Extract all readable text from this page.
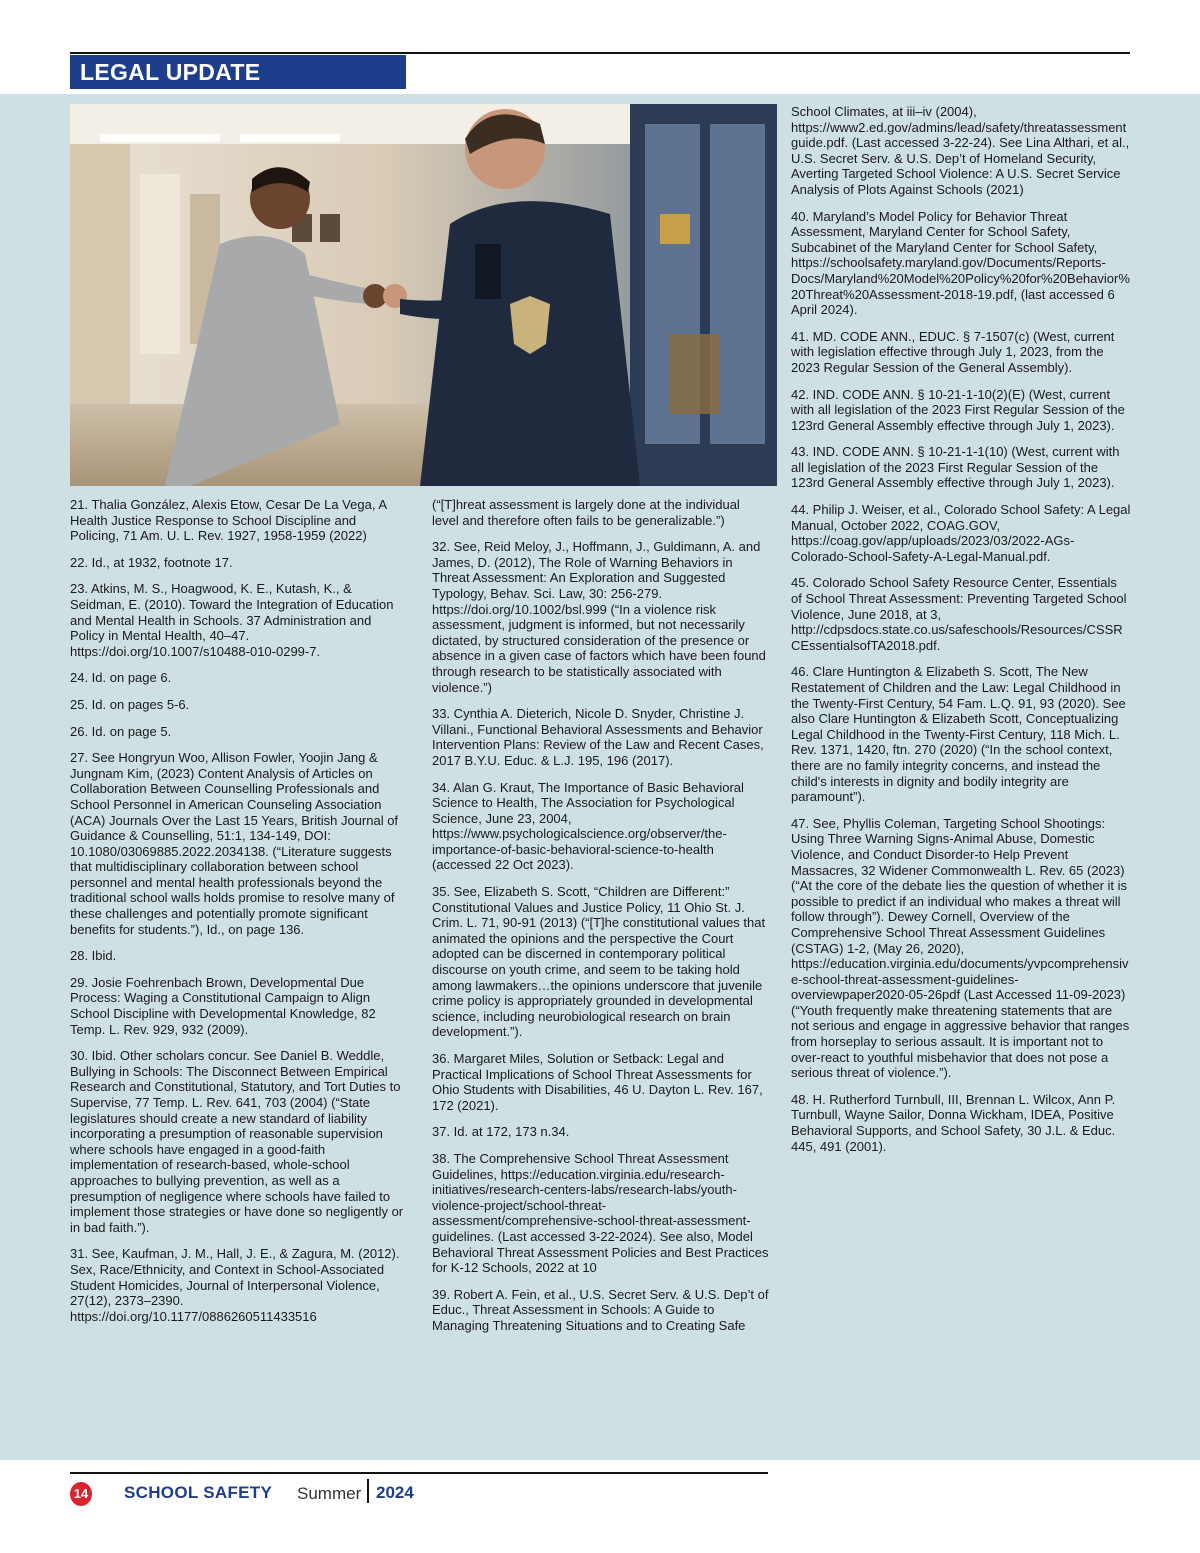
LEGAL UPDATE

21. Thalia González, Alexis Etow, Cesar De La Vega, A Health Justice Response to School Discipline and Policing, 71 Am. U. L. Rev. 1927, 1958-1959 (2022)

22. Id., at 1932, footnote 17.

23. Atkins, M. S., Hoagwood, K. E., Kutash, K., & Seidman, E. (2010). Toward the Integration of Education and Mental Health in Schools. 37 Administration and Policy in Mental Health, 40–47. https://doi.org/10.1007/s10488-010-0299-7.

24. Id. on page 6.

25. Id. on pages 5-6.

26. Id. on page 5.

27. See Hongryun Woo, Allison Fowler, Yoojin Jang & Jungnam Kim, (2023) Content Analysis of Articles on Collaboration Between Counselling Professionals and School Personnel in American Counseling Association (ACA) Journals Over the Last 15 Years, British Journal of Guidance & Counselling, 51:1, 134-149, DOI: 10.1080/03069885.2022.2034138. (“Literature suggests that multidisciplinary collaboration between school personnel and mental health professionals beyond the traditional school walls holds promise to resolve many of these challenges and potentially promote significant benefits for students.”), Id., on page 136.

28. Ibid.

29. Josie Foehrenbach Brown, Developmental Due Process: Waging a Constitutional Campaign to Align School Discipline with Developmental Knowledge, 82 Temp. L. Rev. 929, 932 (2009).

30. Ibid. Other scholars concur. See Daniel B. Weddle, Bullying in Schools: The Disconnect Between Empirical Research and Constitutional, Statutory, and Tort Duties to Supervise, 77 Temp. L. Rev. 641, 703 (2004) (“State legislatures should create a new standard of liability incorporating a presumption of reasonable supervision where schools have engaged in a good-faith implementation of research-based, whole-school approaches to bullying prevention, as well as a presumption of negligence where schools have failed to implement those strategies or have done so negligently or in bad faith.”).

31. See, Kaufman, J. M., Hall, J. E., & Zagura, M. (2012). Sex, Race/Ethnicity, and Context in School-Associated Student Homicides, Journal of Interpersonal Violence, 27(12), 2373–2390. https://doi.org/10.1177/0886260511433516

(“[T]hreat assessment is largely done at the individual level and therefore often fails to be generalizable.”)

32. See, Reid Meloy, J., Hoffmann, J., Guldimann, A. and James, D. (2012), The Role of Warning Behaviors in Threat Assessment: An Exploration and Suggested Typology, Behav. Sci. Law, 30: 256-279. https://doi.org/10.1002/bsl.999 (“In a violence risk assessment, judgment is informed, but not necessarily dictated, by structured consideration of the presence or absence in a given case of factors which have been found through research to be statistically associated with violence.”)

33. Cynthia A. Dieterich, Nicole D. Snyder, Christine J. Villani., Functional Behavioral Assessments and Behavior Intervention Plans: Review of the Law and Recent Cases, 2017 B.Y.U. Educ. & L.J. 195, 196 (2017).

34. Alan G. Kraut, The Importance of Basic Behavioral Science to Health, The Association for Psychological Science, June 23, 2004, https://www.psychologicalscience.org/observer/the-importance-of-basic-behavioral-science-to-health (accessed 22 Oct 2023).

35. See, Elizabeth S. Scott, “Children are Different:” Constitutional Values and Justice Policy, 11 Ohio St. J. Crim. L. 71, 90-91 (2013) (“[T]he constitutional values that animated the opinions and the perspective the Court adopted can be discerned in contemporary political discourse on youth crime, and seem to be taking hold among lawmakers…the opinions underscore that juvenile crime policy is appropriately grounded in developmental science, including neurobiological research on brain development.”).

36. Margaret Miles, Solution or Setback: Legal and Practical Implications of School Threat Assessments for Ohio Students with Disabilities, 46 U. Dayton L. Rev. 167, 172 (2021).

37. Id. at 172, 173 n.34.

38. The Comprehensive School Threat Assessment Guidelines, https://education.virginia.edu/research-initiatives/research-centers-labs/research-labs/youth-violence-project/school-threat-assessment/comprehensive-school-threat-assessment-guidelines. (Last accessed 3-22-2024). See also, Model Behavioral Threat Assessment Policies and Best Practices for K-12 Schools, 2022 at 10

39. Robert A. Fein, et al., U.S. Secret Serv. & U.S. Dep’t of Educ., Threat Assessment in Schools: A Guide to Managing Threatening Situations and to Creating Safe

School Climates, at iii–iv (2004), https://www2.ed.gov/admins/lead/safety/threatassessmentguide.pdf. (Last accessed 3-22-24). See Lina Althari, et al., U.S. Secret Serv. & U.S. Dep’t of Homeland Security, Averting Targeted School Violence: A U.S. Secret Service Analysis of Plots Against Schools (2021)

40. Maryland’s Model Policy for Behavior Threat Assessment, Maryland Center for School Safety, Subcabinet of the Maryland Center for School Safety, https://schoolsafety.maryland.gov/Documents/Reports-Docs/Maryland%20Model%20Policy%20for%20Behavior%20Threat%20Assessment-2018-19.pdf, (last accessed 6 April 2024).

41. MD. CODE ANN., EDUC. § 7-1507(c) (West, current with legislation effective through July 1, 2023, from the 2023 Regular Session of the General Assembly).

42. IND. CODE ANN. § 10-21-1-10(2)(E) (West, current with all legislation of the 2023 First Regular Session of the 123rd General Assembly effective through July 1, 2023).

43. IND. CODE ANN. § 10-21-1-1(10) (West, current with all legislation of the 2023 First Regular Session of the 123rd General Assembly effective through July 1, 2023).

44. Philip J. Weiser, et al., Colorado School Safety: A Legal Manual, October 2022, COAG.GOV, https://coag.gov/app/uploads/2023/03/2022-AGs-Colorado-School-Safety-A-Legal-Manual.pdf.

45. Colorado School Safety Resource Center, Essentials of School Threat Assessment: Preventing Targeted School Violence, June 2018, at 3, http://cdpsdocs.state.co.us/safeschools/Resources/CSSRCEssentialsofTA2018.pdf.

46. Clare Huntington & Elizabeth S. Scott, The New Restatement of Children and the Law: Legal Childhood in the Twenty-First Century, 54 Fam. L.Q. 91, 93 (2020). See also Clare Huntington & Elizabeth Scott, Conceptualizing Legal Childhood in the Twenty-First Century, 118 Mich. L. Rev. 1371, 1420, ftn. 270 (2020) (“In the school context, there are no family integrity concerns, and instead the child's interests in dignity and bodily integrity are paramount”).

47. See, Phyllis Coleman, Targeting School Shootings: Using Three Warning Signs-Animal Abuse, Domestic Violence, and Conduct Disorder-to Help Prevent Massacres, 32 Widener Commonwealth L. Rev. 65 (2023) (“At the core of the debate lies the question of whether it is possible to predict if an individual who makes a threat will follow through”). Dewey Cornell, Overview of the Comprehensive School Threat Assessment Guidelines (CSTAG) 1-2, (May 26, 2020), https://education.virginia.edu/documents/yvpcomprehensive-school-threat-assessment-guidelines-overviewpaper2020-05-26pdf (Last Accessed 11-09-2023) (“Youth frequently make threatening statements that are not serious and engage in aggressive behavior that ranges from horseplay to serious assault. It is important not to over-react to youthful misbehavior that does not pose a serious threat of violence.”).

48. H. Rutherford Turnbull, III, Brennan L. Wilcox, Ann P. Turnbull, Wayne Sailor, Donna Wickham, IDEA, Positive Behavioral Supports, and School Safety, 30 J.L. & Educ. 445, 491 (2001).

14 SCHOOL SAFETY Summer 2024
